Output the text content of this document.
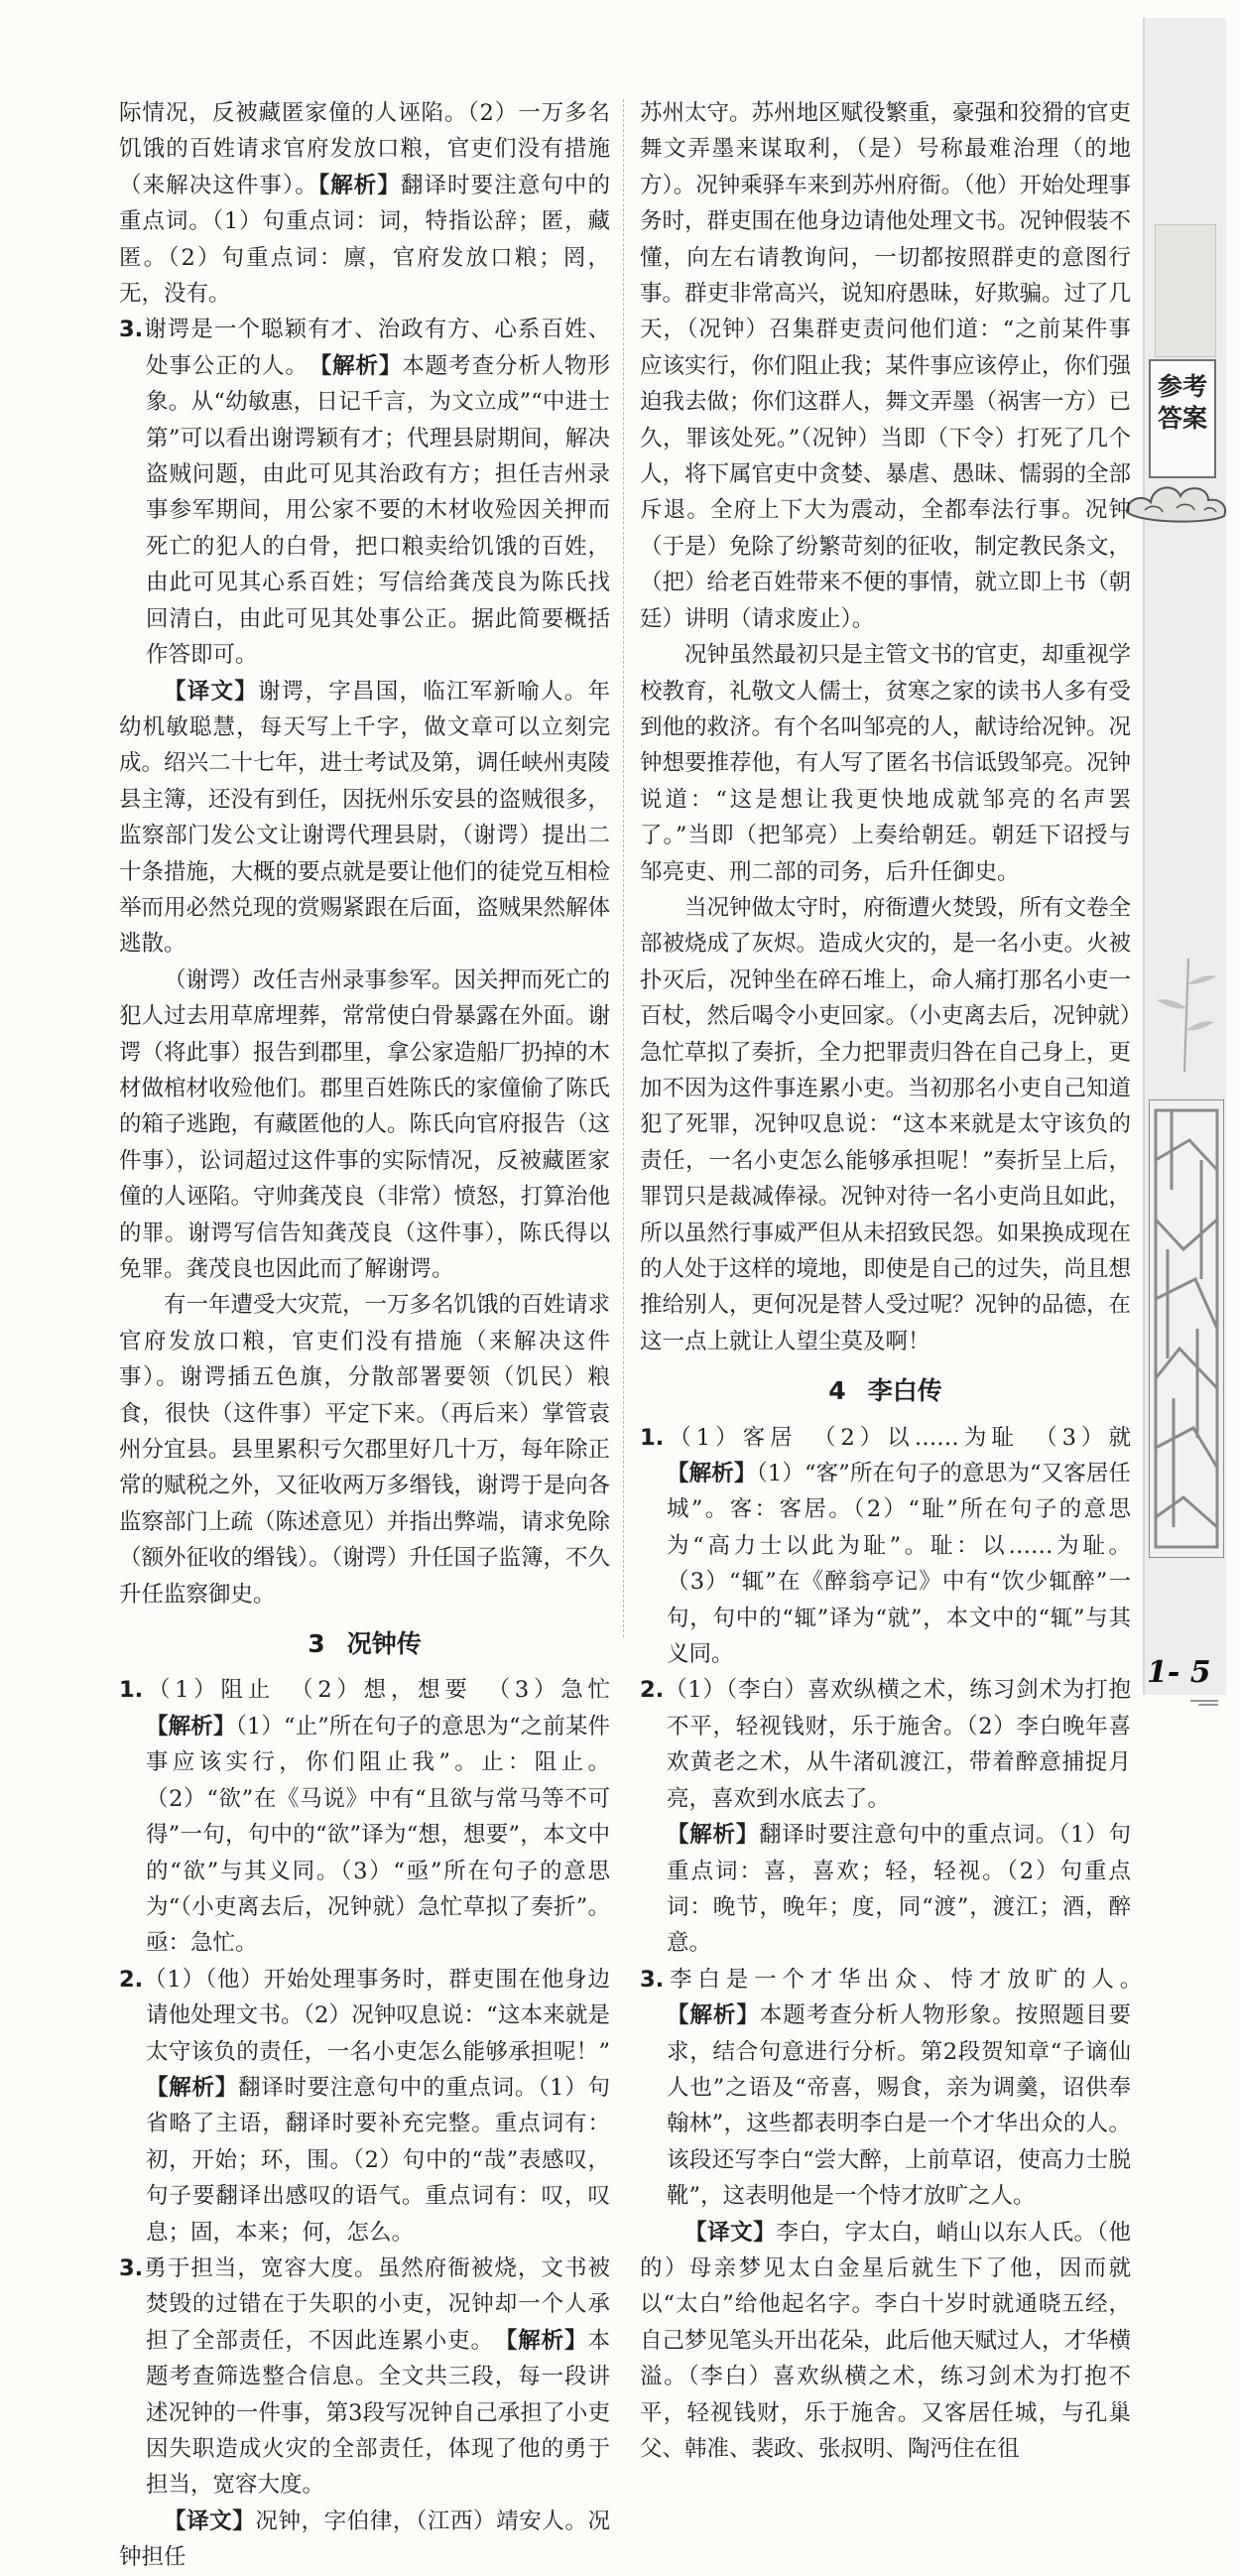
参考答案
1- 5

际情况，反被藏匿家僮的人诬陷。（2）一万多名饥饿的百姓请求官府发放口粮，官吏们没有措施（来解决这件事）。【解析】翻译时要注意句中的重点词。（1）句重点词：词，特指讼辞；匿，藏匿。（2）句重点词：廪，官府发放口粮；罔，无，没有。

3.谢谔是一个聪颖有才、治政有方、心系百姓、处事公正的人。　 【解析】本题考查分析人物形象。从“幼敏惠，日记千言，为文立成”“中进士第”可以看出谢谔颖有才；代理县尉期间，解决盗贼问题，由此可见其治政有方；担任吉州录事参军期间，用公家不要的木材收殓因关押而死亡的犯人的白骨，把口粮卖给饥饿的百姓，由此可见其心系百姓；写信给龚茂良为陈氏找回清白，由此可见其处事公正。据此简要概括作答即可。

【译文】谢谔，字昌国，临江军新喻人。年幼机敏聪慧，每天写上千字，做文章可以立刻完成。绍兴二十七年，进士考试及第，调任峡州夷陵县主簿，还没有到任，因抚州乐安县的盗贼很多，监察部门发公文让谢谔代理县尉，（谢谔）提出二十条措施，大概的要点就是要让他们的徒党互相检举而用必然兑现的赏赐紧跟在后面，盗贼果然解体逃散。

（谢谔）改任吉州录事参军。因关押而死亡的犯人过去用草席埋葬，常常使白骨暴露在外面。谢谔（将此事）报告到郡里，拿公家造船厂扔掉的木材做棺材收殓他们。郡里百姓陈氏的家僮偷了陈氏的箱子逃跑，有藏匿他的人。陈氏向官府报告（这件事），讼词超过这件事的实际情况，反被藏匿家僮的人诬陷。守帅龚茂良（非常）愤怒，打算治他的罪。谢谔写信告知龚茂良（这件事），陈氏得以免罪。龚茂良也因此而了解谢谔。

有一年遭受大灾荒，一万多名饥饿的百姓请求官府发放口粮，官吏们没有措施（来解决这件事）。谢谔插五色旗，分散部署要领（饥民）粮食，很快（这件事）平定下来。（再后来）掌管袁州分宜县。县里累积亏欠郡里好几十万，每年除正常的赋税之外，又征收两万多缗钱，谢谔于是向各监察部门上疏（陈述意见）并指出弊端，请求免除（额外征收的缗钱）。（谢谔）升任国子监簿，不久升任监察御史。

3 况钟传

1.（1）阻止　（2）想，想要　（3）急忙　【解析】（1）“止”所在句子的意思为“之前某件事应该实行，你们阻止我”。止：阻止。（2）“欲”在《马说》中有“且欲与常马等不可得”一句，句中的“欲”译为“想，想要”，本文中的“欲”与其义同。（3）“亟”所在句子的意思为“（小吏离去后，况钟就）急忙草拟了奏折”。亟：急忙。

2.（1）（他）开始处理事务时，群吏围在他身边请他处理文书。（2）况钟叹息说：“这本来就是太守该负的责任，一名小吏怎么能够承担呢！”　【解析】翻译时要注意句中的重点词。（1）句省略了主语，翻译时要补充完整。重点词有：初，开始；环，围。（2）句中的“哉”表感叹，句子要翻译出感叹的语气。重点词有：叹，叹息；固，本来；何，怎么。

3.勇于担当，宽容大度。虽然府衙被烧，文书被焚毁的过错在于失职的小吏，况钟却一个人承担了全部责任，不因此连累小吏。　 【解析】本题考查筛选整合信息。全文共三段，每一段讲述况钟的一件事，第3段写况钟自己承担了小吏因失职造成火灾的全部责任，体现了他的勇于担当，宽容大度。

【译文】况钟，字伯律，（江西）靖安人。况钟担任

苏州太守。苏州地区赋役繁重，豪强和狡猾的官吏舞文弄墨来谋取利，（是）号称最难治理（的地方）。况钟乘驿车来到苏州府衙。（他）开始处理事务时，群吏围在他身边请他处理文书。况钟假装不懂，向左右请教询问，一切都按照群吏的意图行事。群吏非常高兴，说知府愚昧，好欺骗。过了几天，（况钟）召集群吏责问他们道：“之前某件事应该实行，你们阻止我；某件事应该停止，你们强迫我去做；你们这群人，舞文弄墨（祸害一方）已久，罪该处死。”（况钟）当即（下令）打死了几个人，将下属官吏中贪婪、暴虐、愚昧、懦弱的全部斥退。全府上下大为震动，全都奉法行事。况钟（于是）免除了纷繁苛刻的征收，制定教民条文，（把）给老百姓带来不便的事情，就立即上书（朝廷）讲明（请求废止）。

况钟虽然最初只是主管文书的官吏，却重视学校教育，礼敬文人儒士，贫寒之家的读书人多有受到他的救济。有个名叫邹亮的人，献诗给况钟。况钟想要推荐他，有人写了匿名书信诋毁邹亮。况钟说道：“这是想让我更快地成就邹亮的名声罢了。”当即（把邹亮）上奏给朝廷。朝廷下诏授与邹亮吏、刑二部的司务，后升任御史。

当况钟做太守时，府衙遭火焚毁，所有文卷全部被烧成了灰烬。造成火灾的，是一名小吏。火被扑灭后，况钟坐在碎石堆上，命人痛打那名小吏一百杖，然后喝令小吏回家。（小吏离去后，况钟就）急忙草拟了奏折，全力把罪责归咎在自己身上，更加不因为这件事连累小吏。当初那名小吏自己知道犯了死罪，况钟叹息说：“这本来就是太守该负的责任，一名小吏怎么能够承担呢！”奏折呈上后，罪罚只是裁减俸禄。况钟对待一名小吏尚且如此，所以虽然行事威严但从未招致民怨。如果换成现在的人处于这样的境地，即使是自己的过失，尚且想推给别人，更何况是替人受过呢？况钟的品德，在这一点上就让人望尘莫及啊！

4 李白传

1.（1）客居　（2）以……为耻　（3）就　【解析】（1）“客”所在句子的意思为“又客居任城”。客：客居。（2）“耻”所在句子的意思为“高力士以此为耻”。耻：以……为耻。（3）“辄”在《醉翁亭记》中有“饮少辄醉”一句，句中的“辄”译为“就”，本文中的“辄”与其义同。

2.（1）（李白）喜欢纵横之术，练习剑术为打抱不平，轻视钱财，乐于施舍。（2）李白晚年喜欢黄老之术，从牛渚矶渡江，带着醉意捕捉月亮，喜欢到水底去了。
【解析】翻译时要注意句中的重点词。（1）句重点词：喜，喜欢；轻，轻视。（2）句重点词：晚节，晚年；度，同“渡”，渡江；酒，醉意。

3.李白是一个才华出众、恃才放旷的人。　【解析】本题考查分析人物形象。按照题目要求，结合句意进行分析。第2段贺知章“子谪仙人也”之语及“帝喜，赐食，亲为调羹，诏供奉翰林”，这些都表明李白是一个才华出众的人。该段还写李白“尝大醉，上前草诏，使高力士脱靴”，这表明他是一个恃才放旷之人。

【译文】李白，字太白，峭山以东人氏。（他的）母亲梦见太白金星后就生下了他，因而就以“太白”给他起名字。李白十岁时就通晓五经，自己梦见笔头开出花朵，此后他天赋过人，才华横溢。（李白）喜欢纵横之术，练习剑术为打抱不平，轻视钱财，乐于施舍。又客居任城，与孔巢父、韩准、裴政、张叔明、陶沔住在徂
